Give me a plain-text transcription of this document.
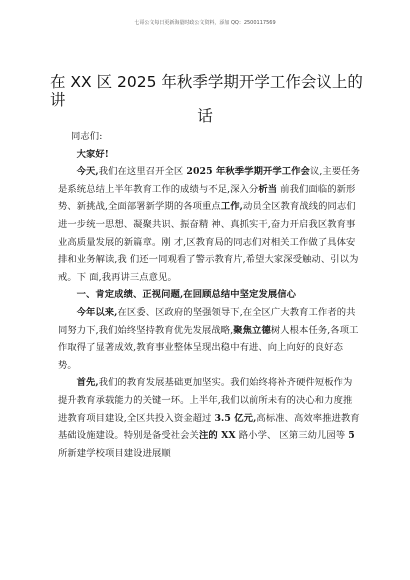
七哥公文每日更新海量时政公文资料，添加 QQ：2500117569
在 XX 区 2025 年秋季学期开学工作会议上的讲
话

同志们:

大家好!

今天,我们在这里召开全区 2025 年秋季学期开学工作会议,主要任务是系统总结上半年教育工作的成绩与不足,深入分析当 前我们面临的新形势、新挑战,全面部署新学期的各项重点工作,动员全区教育战线的同志们进一步统一思想、凝聚共识、振奋精 神、真抓实干,奋力开启我区教育事业高质量发展的新篇章。刚 才,区教育局的同志们对相关工作做了具体安排和业务解读,我 们还一同观看了警示教育片,希望大家深受触动、引以为戒。下 面,我再讲三点意见。

一、肯定成绩、正视问题,在回顾总结中坚定发展信心

今年以来,在区委、区政府的坚强领导下,在全区广大教育工作者的共同努力下,我们始终坚持教育优先发展战略,聚焦立德树人根本任务,各项工作取得了显著成效,教育事业整体呈现出稳中有进、向上向好的良好态势。

首先,我们的教育发展基础更加坚实。我们始终将补齐硬件短板作为提升教育承载能力的关键一环。上半年,我们以前所未有的决心和力度推进教育项目建设,全区共投入资金超过 3.5 亿元,高标准、高效率推进教育基础设施建设。特别是备受社会关注的 XX 路小学、 区第三幼儿园等 5 所新建学校项目建设进展顺
